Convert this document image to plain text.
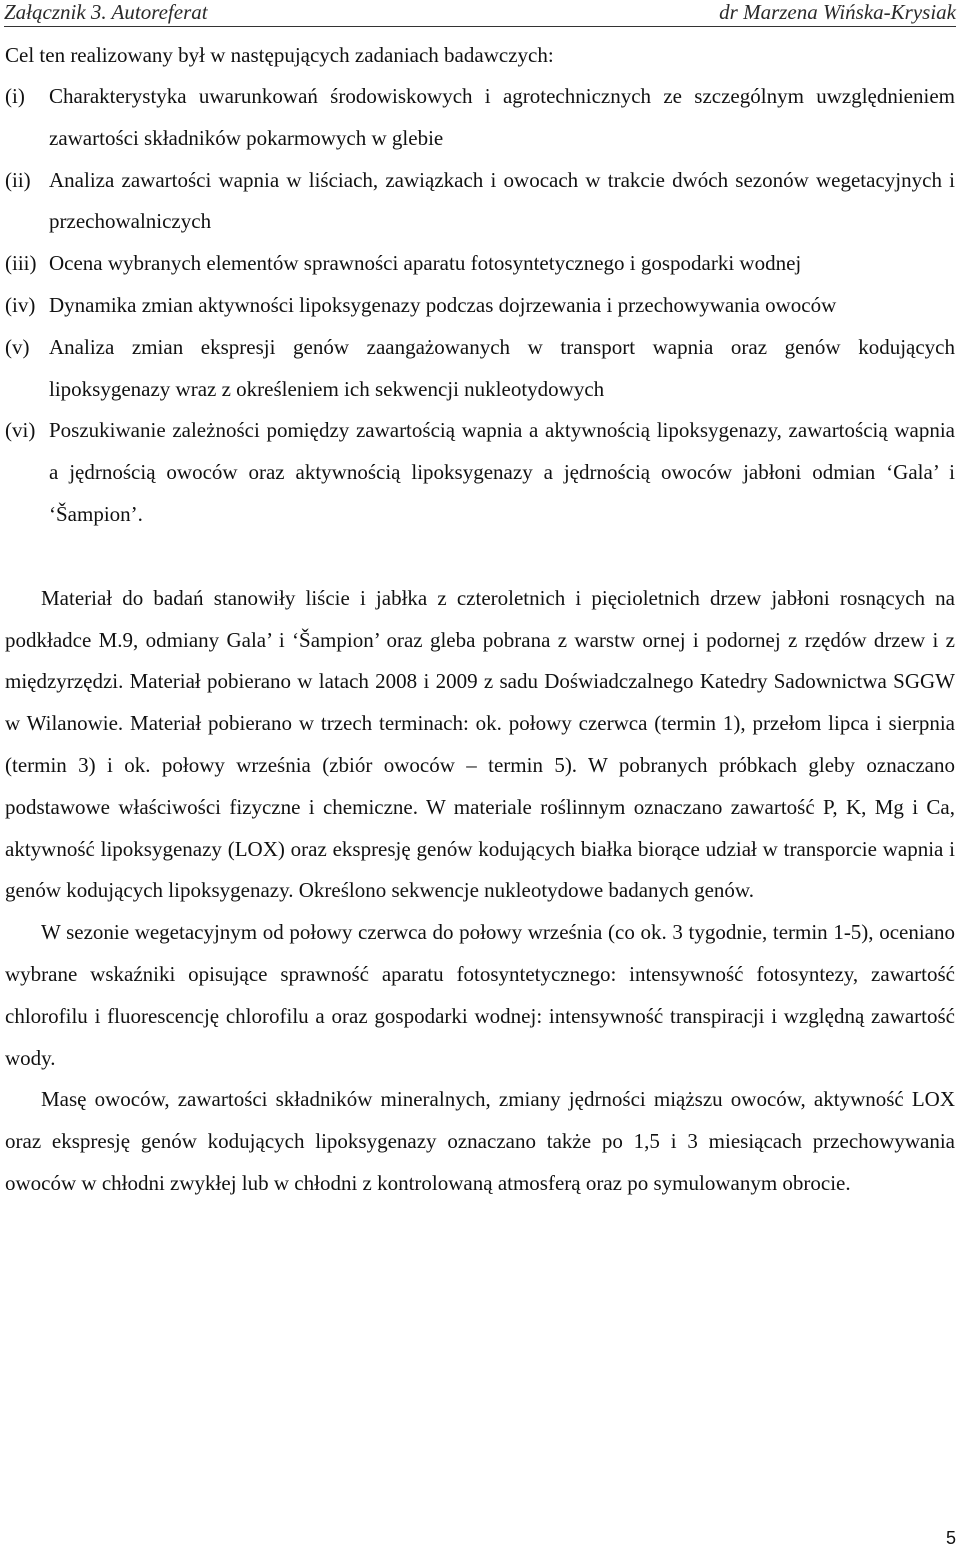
Załącznik 3. Autoreferat	dr Marzena Wińska-Krysiak

Cel ten realizowany był w następujących zadaniach badawczych:

(i)	Charakterystyka uwarunkowań środowiskowych i agrotechnicznych ze szczególnym uwzględnieniem zawartości składników pokarmowych w glebie
(ii) Analiza zawartości wapnia w liściach, zawiązkach i owocach w trakcie dwóch sezonów wegetacyjnych i przechowalniczych
(iii) Ocena wybranych elementów sprawności aparatu fotosyntetycznego i gospodarki wodnej
(iv) Dynamika zmian aktywności lipoksygenazy podczas dojrzewania i przechowywania owoców
(v) Analiza zmian ekspresji genów zaangażowanych w transport wapnia oraz genów kodujących lipoksygenazy wraz z określeniem ich sekwencji nukleotydowych
(vi) Poszukiwanie zależności pomiędzy zawartością wapnia a aktywnością lipoksygenazy, zawartością wapnia a jędrnością owoców oraz aktywnością lipoksygenazy a jędrnością owoców jabłoni odmian ‘Gala’ i ‘Šampion’.

Materiał do badań stanowiły liście i jabłka z czteroletnich i pięcioletnich drzew jabłoni rosnących na podkładce M.9, odmiany Gala’ i ‘Šampion’ oraz gleba pobrana z warstw ornej i podornej z rzędów drzew i z międzyrzędzi. Materiał pobierano w latach 2008 i 2009 z sadu Doświadczalnego Katedry Sadownictwa SGGW w Wilanowie. Materiał pobierano w trzech terminach: ok. połowy czerwca (termin 1), przełom lipca i sierpnia (termin 3) i ok. połowy września (zbiór owoców – termin 5). W pobranych próbkach gleby oznaczano podstawowe właściwości fizyczne i chemiczne. W materiale roślinnym oznaczano zawartość P, K, Mg i Ca, aktywność lipoksygenazy (LOX) oraz ekspresję genów kodujących białka biorące udział w transporcie wapnia i genów kodujących lipoksygenazy. Określono sekwencje nukleotydowe badanych genów.

W sezonie wegetacyjnym od połowy czerwca do połowy września (co ok. 3 tygodnie, termin 1-5), oceniano wybrane wskaźniki opisujące sprawność aparatu fotosyntetycznego: intensywność fotosyntezy, zawartość chlorofilu i fluorescencję chlorofilu a oraz gospodarki wodnej: intensywność transpiracji i względną zawartość wody.

Masę owoców, zawartości składników mineralnych, zmiany jędrności miąższu owoców, aktywność LOX oraz ekspresję genów kodujących lipoksygenazy oznaczano także po 1,5 i 3 miesiącach przechowywania owoców w chłodni zwykłej lub w chłodni z kontrolowaną atmosferą oraz po symulowanym obrocie.

5
